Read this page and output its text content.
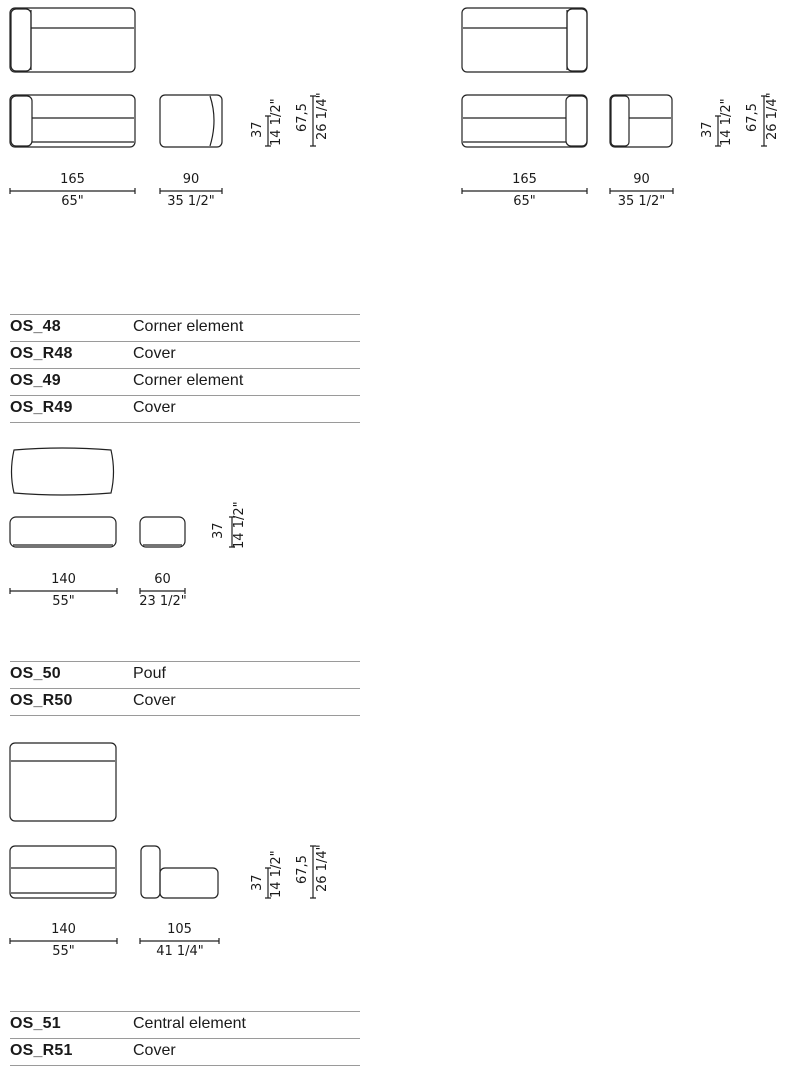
165
65"
90
35 1/2"
37 14 1/2" 67,5 26 1/4"
165
65"
90
35 1/2"
37 14 1/2" 67,5 26 1/4"
140
55"
60
23 1/2"
37 14 1/2"
140
55"
105
41 1/4"
37 14 1/2" 67,5 26 1/4"
OS_48	Corner element
OS_R48	Cover
OS_49	Corner element
OS_R49	Cover
OS_50	Pouf
OS_R50	Cover
OS_51	Central element
OS_R51	Cover
